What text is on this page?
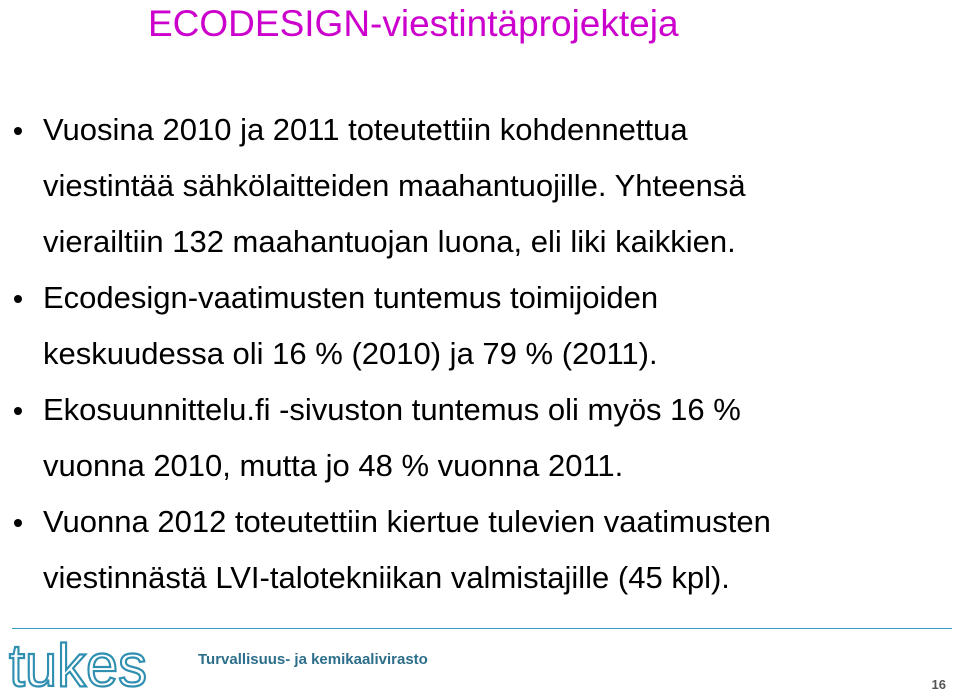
ECODESIGN-viestintäprojekteja
Vuosina 2010 ja 2011 toteutettiin kohdennettua
viestintää sähkölaitteiden maahantuojille. Yhteensä
vierailtiin 132 maahantuojan luona, eli liki kaikkien.
Ecodesign-vaatimusten tuntemus toimijoiden
keskuudessa oli 16 % (2010) ja 79 % (2011).
Ekosuunnittelu.fi -sivuston tuntemus oli myös 16 %
vuonna 2010, mutta jo 48 % vuonna 2011.
Vuonna 2012 toteutettiin kiertue tulevien vaatimusten
viestinnästä LVI-talotekniikan valmistajille (45 kpl).
tukes	Turvallisuus- ja kemikaalivirasto
16
